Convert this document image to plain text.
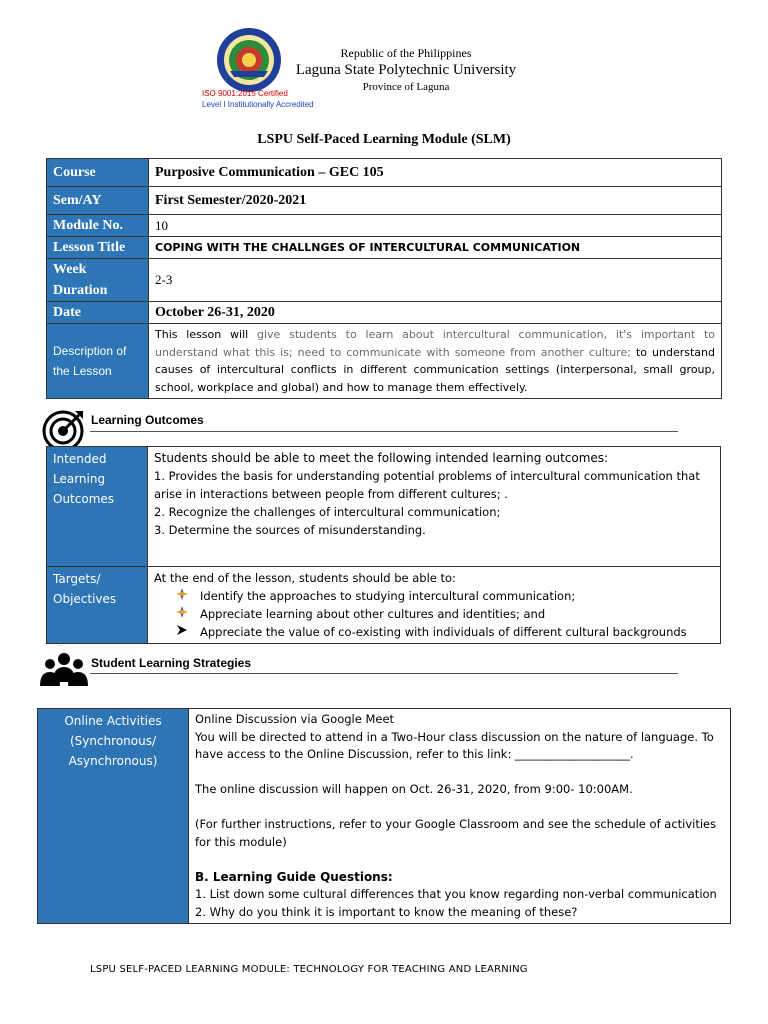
Republic of the Philippines
Laguna State Polytechnic University
Province of Laguna
ISO 9001:2015 Certified
Level I Institutionally Accredited
LSPU Self-Paced Learning Module (SLM)
Course	Purposive Communication – GEC 105
Sem/AY	First Semester/2020-2021
Module No.	10
Lesson Title	COPING WITH THE CHALLNGES OF INTERCULTURAL COMMUNICATION
Week Duration	2-3
Date	October 26-31, 2020
Description of the Lesson	This lesson will give students to learn about intercultural communication, it's important to understand what this is; need to communicate with someone from another culture; to understand causes of intercultural conflicts in different communication settings (interpersonal, small group, school, workplace and global) and how to manage them effectively.
Learning Outcomes
Intended Learning Outcomes	Students should be able to meet the following intended learning outcomes:
1. Provides the basis for understanding potential problems of intercultural communication that arise in interactions between people from different cultures; .
2. Recognize the challenges of intercultural communication;
3. Determine the sources of misunderstanding.

Targets/ Objectives	At the end of the lesson, students should be able to:
Identify the approaches to studying intercultural communication;
Appreciate learning about other cultures and identities; and
Appreciate the value of co-existing with individuals of different cultural backgrounds
..
Student Learning Strategies
Online Activities (Synchronous/ Asynchronous)	

Online Discussion via Google Meet

You will be directed to attend in a Two-Hour class discussion on the nature of language. To have access to the Online Discussion, refer to this link: ____________________.

The online discussion will happen on Oct. 26-31, 2020, from 9:00- 10:00AM.

(For further instructions, refer to your Google Classroom and see the schedule of activities for this module)

B. Learning Guide Questions:

1. List down some cultural differences that you know regarding non-verbal communication

2. Why do you think it is important to know the meaning of these?

LSPU SELF-PACED LEARNING MODULE: TECHNOLOGY FOR TEACHING AND LEARNING
